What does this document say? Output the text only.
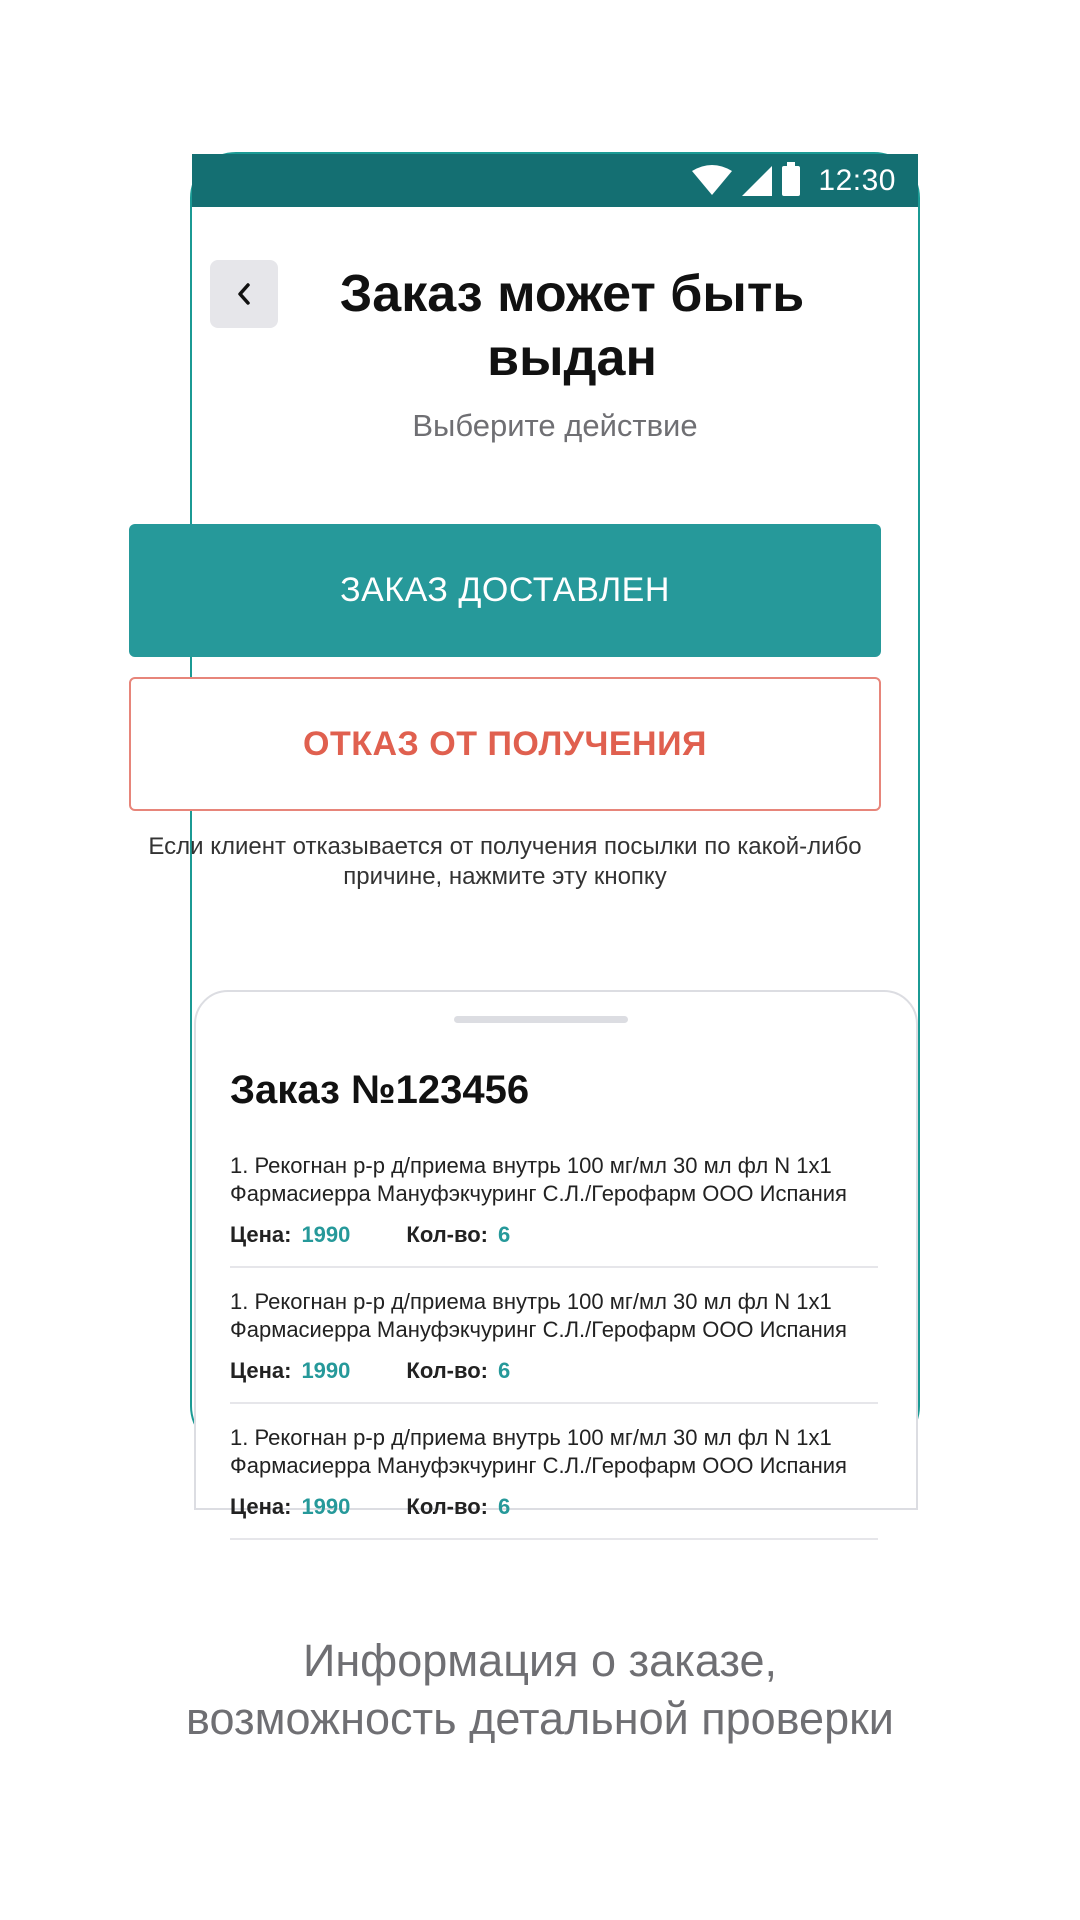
12:30
Заказ может быть выдан
Выберите действие
Заказ №123456
1. Рекогнан р-р д/приема внутрь 100 мг/мл 30 мл фл N 1х1 Фармасиерра Мануфэкчуринг С.Л./Герофарм ООО Испания
Цена: 1990	Кол-во: 6
1. Рекогнан р-р д/приема внутрь 100 мг/мл 30 мл фл N 1х1 Фармасиерра Мануфэкчуринг С.Л./Герофарм ООО Испания
Цена: 1990	Кол-во: 6
1. Рекогнан р-р д/приема внутрь 100 мг/мл 30 мл фл N 1х1 Фармасиерра Мануфэкчуринг С.Л./Герофарм ООО Испания
Цена: 1990	Кол-во: 6
ЗАКАЗ ДОСТАВЛЕН
ОТКАЗ ОТ ПОЛУЧЕНИЯ
Если клиент отказывается от получения посылки по какой-либо причине, нажмите эту кнопку
Информация о заказе,
возможность детальной проверки
